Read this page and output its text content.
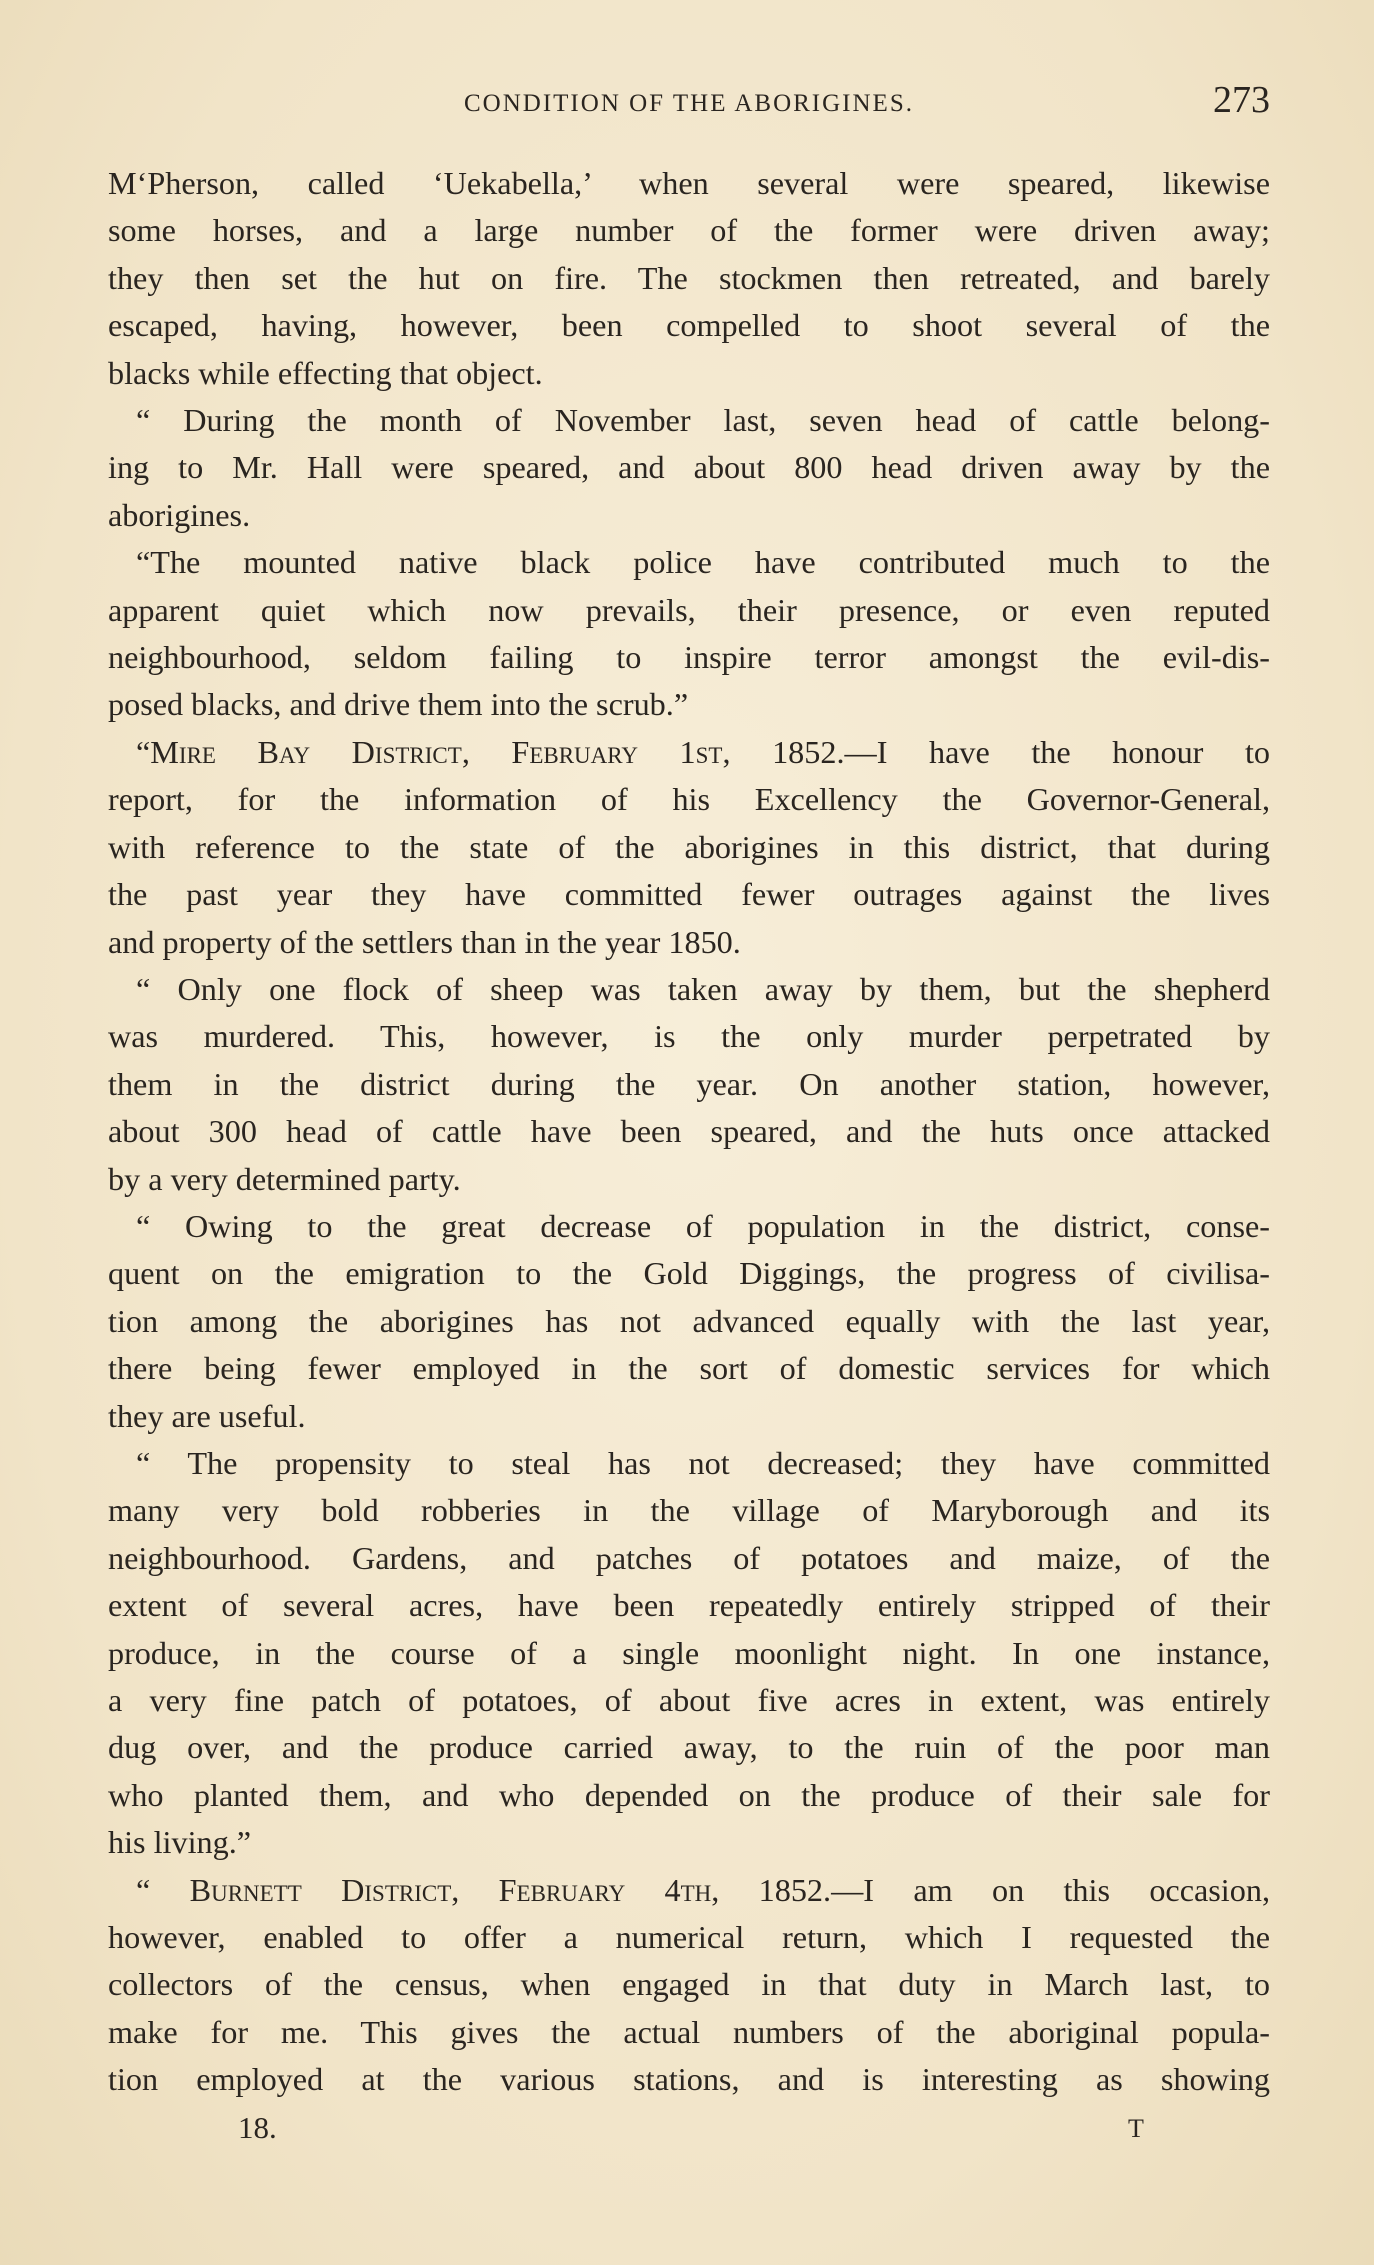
CONDITION OF THE ABORIGINES.	273

M‘Pherson, called ‘Uekabella,’ when several were speared, likewise

some horses, and a large number of the former were driven away;

they then set the hut on fire. The stockmen then retreated, and barely

escaped, having, however, been compelled to shoot several of the

blacks while effecting that object.

“ During the month of November last, seven head of cattle belong-

ing to Mr. Hall were speared, and about 800 head driven away by the

aborigines.

“The mounted native black police have contributed much to the

apparent quiet which now prevails, their presence, or even reputed

neighbourhood, seldom failing to inspire terror amongst the evil-dis-

posed blacks, and drive them into the scrub.”

“Mire Bay District, February 1st, 1852.—I have the honour to

report, for the information of his Excellency the Governor-General,

with reference to the state of the aborigines in this district, that during

the past year they have committed fewer outrages against the lives

and property of the settlers than in the year 1850.

“ Only one flock of sheep was taken away by them, but the shepherd

was murdered. This, however, is the only murder perpetrated by

them in the district during the year. On another station, however,

about 300 head of cattle have been speared, and the huts once attacked

by a very determined party.

“ Owing to the great decrease of population in the district, conse-

quent on the emigration to the Gold Diggings, the progress of civilisa-

tion among the aborigines has not advanced equally with the last year,

there being fewer employed in the sort of domestic services for which

they are useful.

“ The propensity to steal has not decreased; they have committed

many very bold robberies in the village of Maryborough and its

neighbourhood. Gardens, and patches of potatoes and maize, of the

extent of several acres, have been repeatedly entirely stripped of their

produce, in the course of a single moonlight night. In one instance,

a very fine patch of potatoes, of about five acres in extent, was entirely

dug over, and the produce carried away, to the ruin of the poor man

who planted them, and who depended on the produce of their sale for

his living.”

“ Burnett District, February 4th, 1852.—I am on this occasion,

however, enabled to offer a numerical return, which I requested the

collectors of the census, when engaged in that duty in March last, to

make for me. This gives the actual numbers of the aboriginal popula-

tion employed at the various stations, and is interesting as showing

18.	T
